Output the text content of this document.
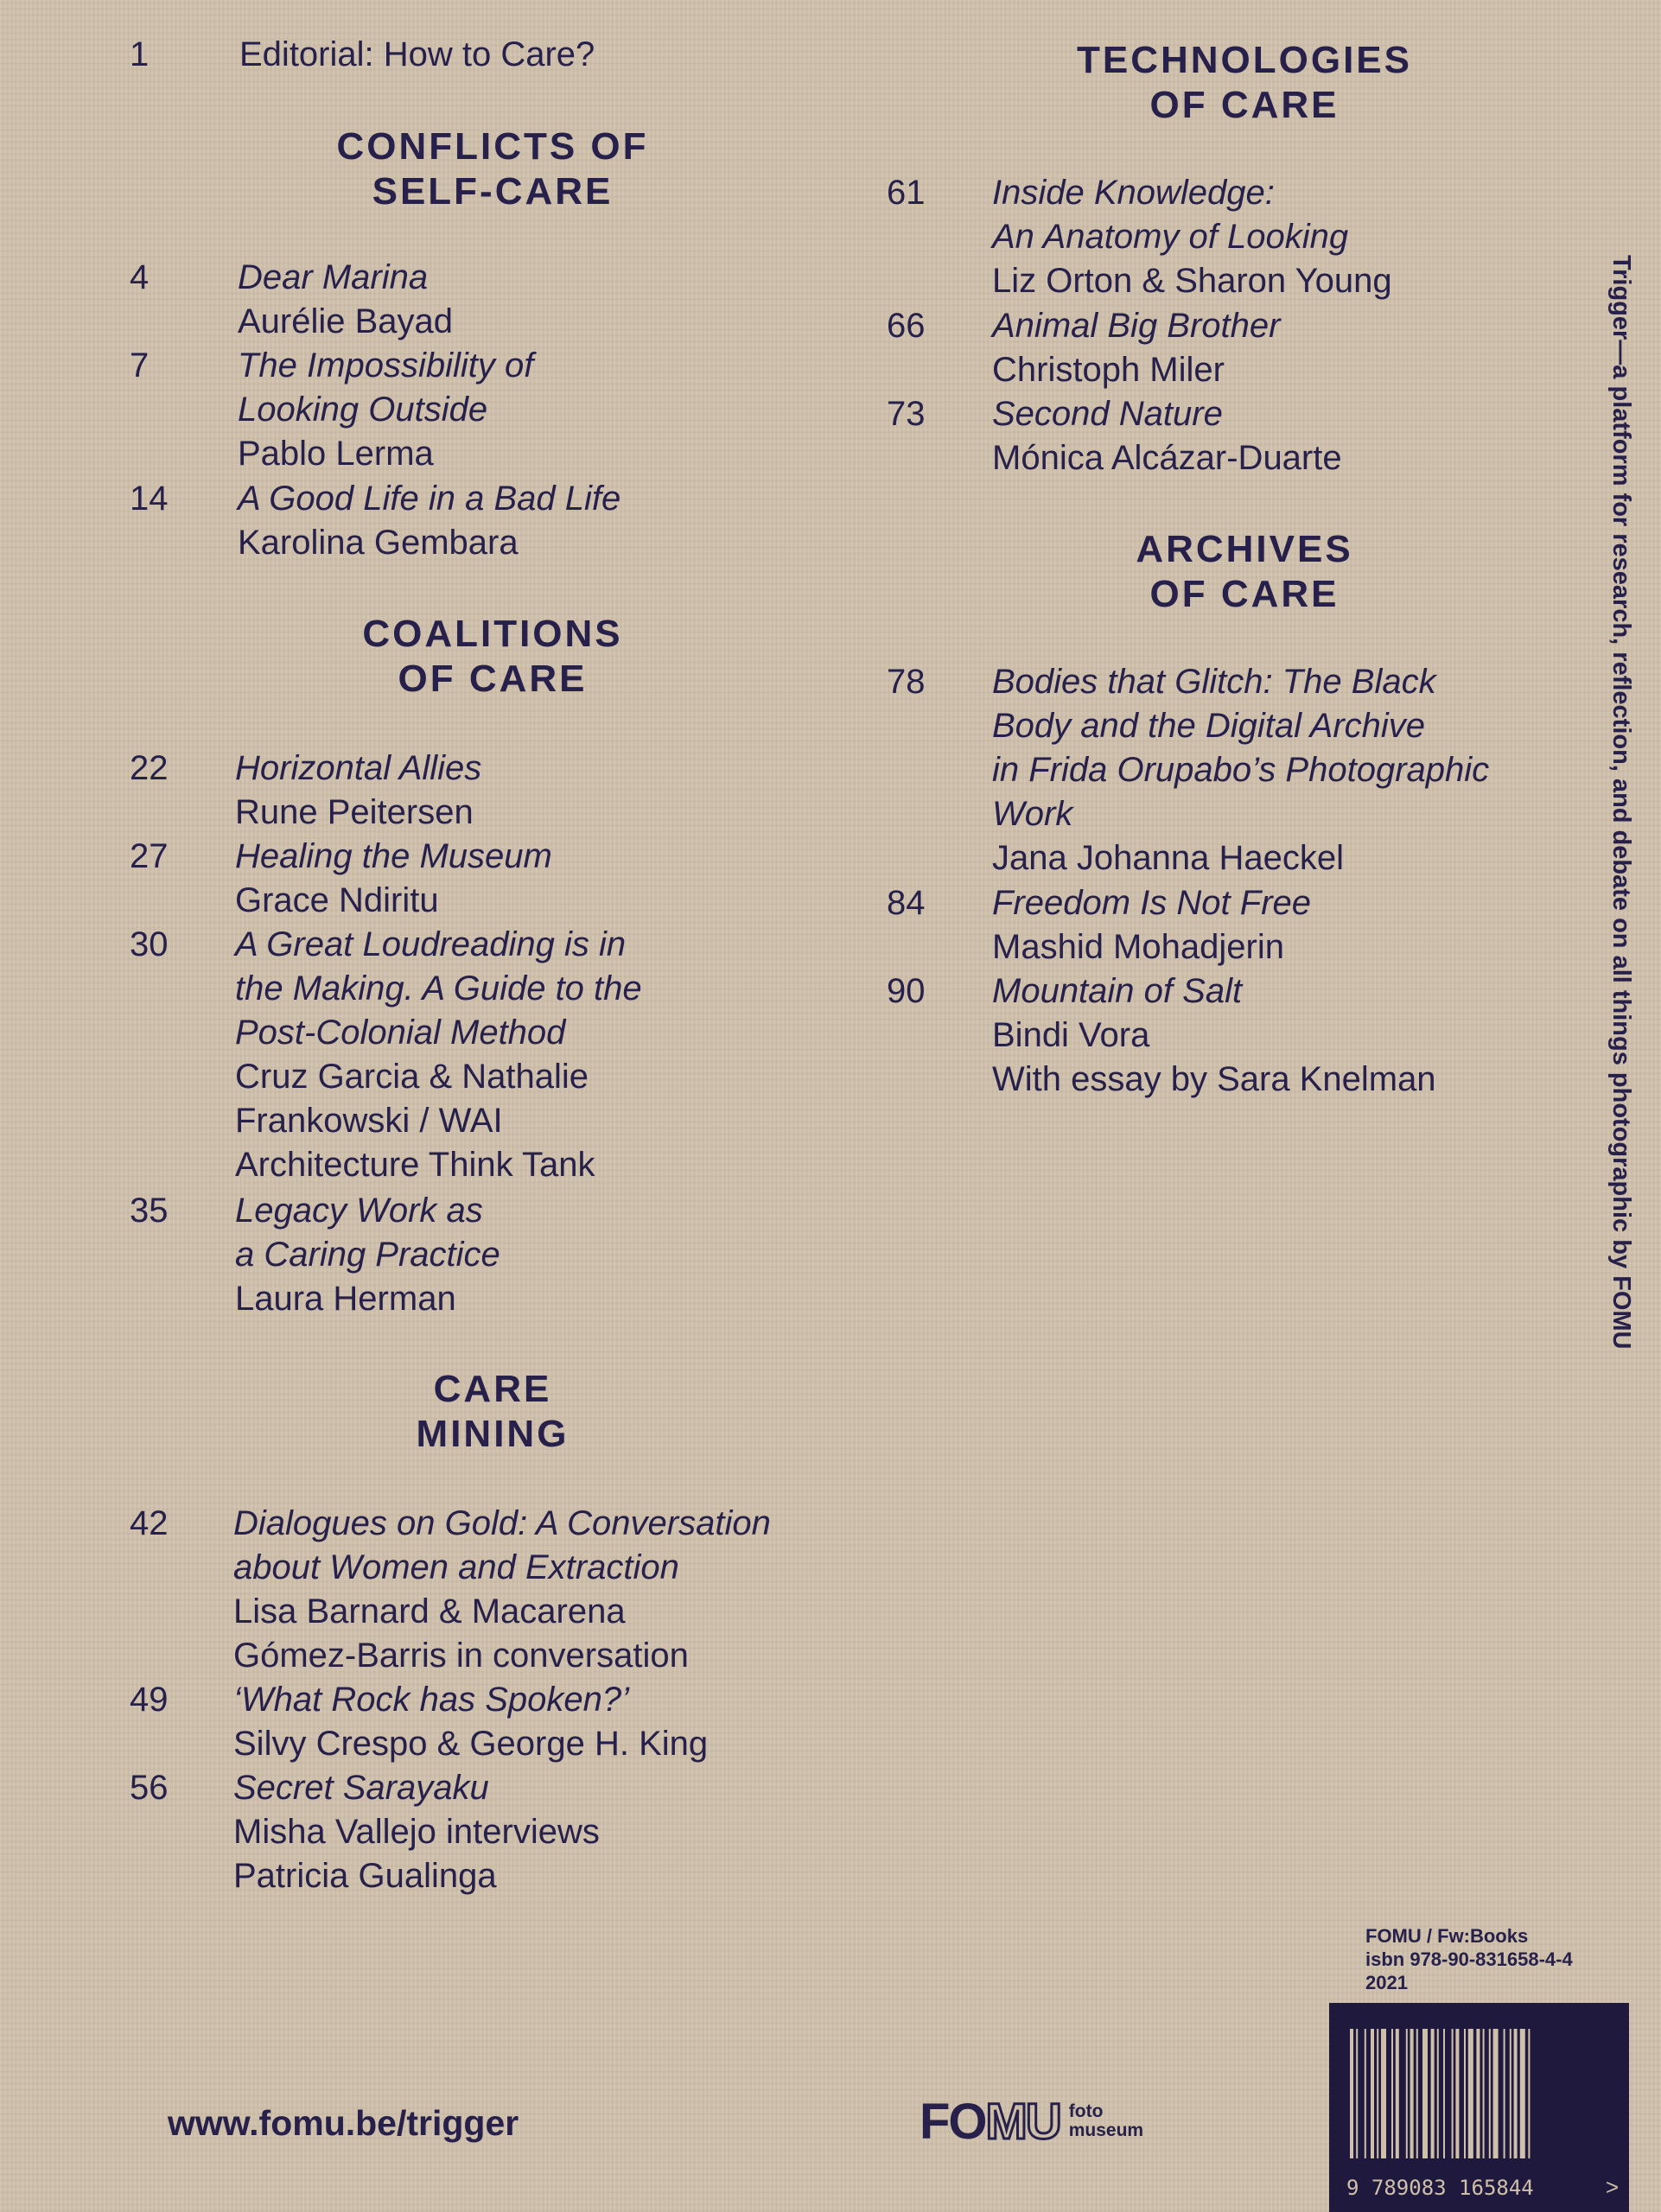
1	Editorial: How to Care?
CONFLICTS OF
SELF-CARE
4	Dear Marina
Aurélie Bayad
7	The Impossibility of
Looking Outside
Pablo Lerma
14 A Good Life in a Bad Life
Karolina Gembara
COALITIONS
OF CARE
22 Horizontal Allies
Rune Peitersen
27 Healing the Museum
Grace Ndiritu
30 A Great Loudreading is in
the Making. A Guide to the
Post-Colonial Method
Cruz Garcia & Nathalie
Frankowski / WAI
Architecture Think Tank
35 Legacy Work as
a Caring Practice
Laura Herman
CARE
MINING
42 Dialogues on Gold: A Conversation
about Women and Extraction
Lisa Barnard & Macarena
Gómez-Barris in conversation
49 ‘What Rock has Spoken?’
Silvy Crespo & George H. King
56 Secret Sarayaku
Misha Vallejo interviews
Patricia Gualinga
TECHNOLOGIES
OF CARE
61 Inside Knowledge:
An Anatomy of Looking
Liz Orton & Sharon Young
66 Animal Big Brother
Christoph Miler
73 Second Nature
Mónica Alcázar-Duarte
ARCHIVES
OF CARE
78 Bodies that Glitch: The Black
Body and the Digital Archive
in Frida Orupabo’s Photographic
Work
Jana Johanna Haeckel
84 Freedom Is Not Free
Mashid Mohadjerin
90 Mountain of Salt
Bindi Vora
With essay by Sara Knelman	Trigger—a platform for research, reflection, and debate on all things photographic by FOMU
www.fomu.be/trigger	FO MU foto
museum
FOMU / Fw:Books
isbn 978-90-831658-4-4
2021
9 789083 165844	>
